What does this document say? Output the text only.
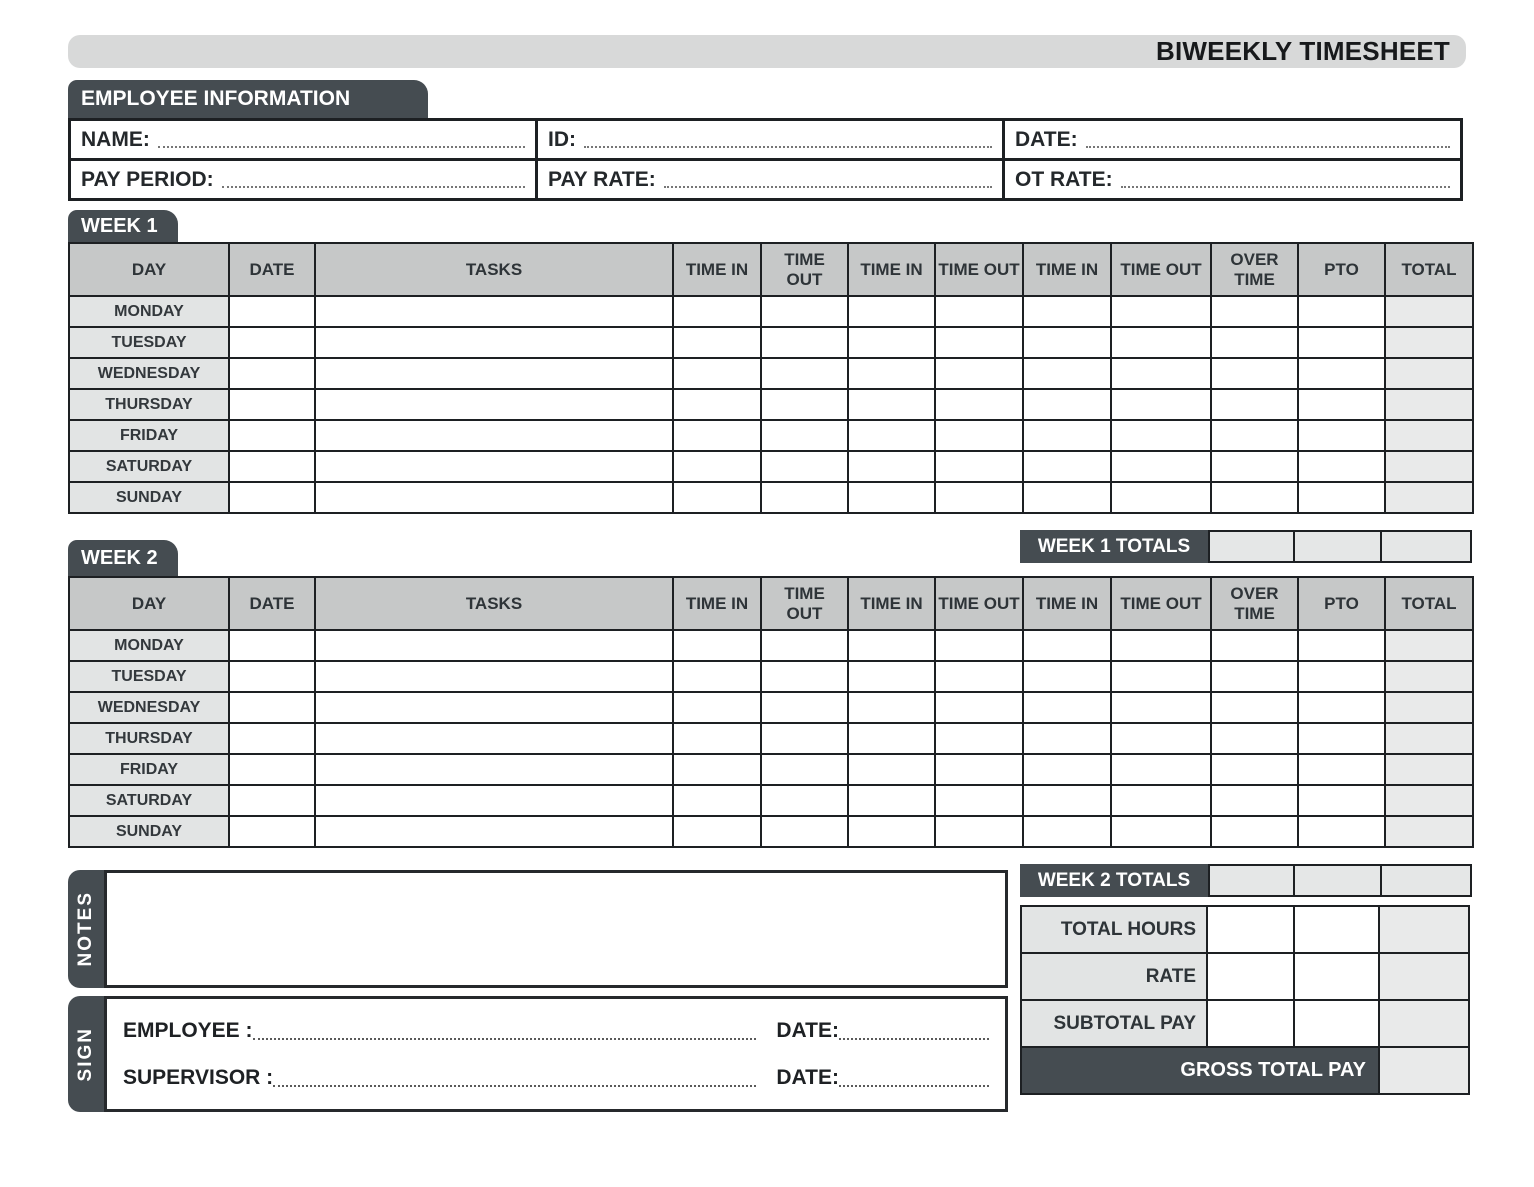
BIWEEKLY TIMESHEET
EMPLOYEE INFORMATION
NAME:	ID:	DATE:

PAY PERIOD:	PAY RATE:	OT RATE:
WEEK 1
DAY	DATE	TASKS	TIME IN	TIME OUT	TIME IN	TIME OUT	TIME IN	TIME OUT	OVER TIME	PTO	TOTAL
MONDAY											
TUESDAY											
WEDNESDAY											
THURSDAY											
FRIDAY											
SATURDAY											
SUNDAY											
WEEK 1 TOTALS
WEEK 2
DAY	DATE	TASKS	TIME IN	TIME OUT	TIME IN	TIME OUT	TIME IN	TIME OUT	OVER TIME	PTO	TOTAL
MONDAY											
TUESDAY											
WEDNESDAY											
THURSDAY											
FRIDAY											
SATURDAY											
SUNDAY											
WEEK 2 TOTALS
NOTES
SIGN EMPLOYEE :	DATE:
SUPERVISOR :	DATE:
TOTAL HOURS			
RATE			
SUBTOTAL PAY			
GROSS TOTAL PAY			
